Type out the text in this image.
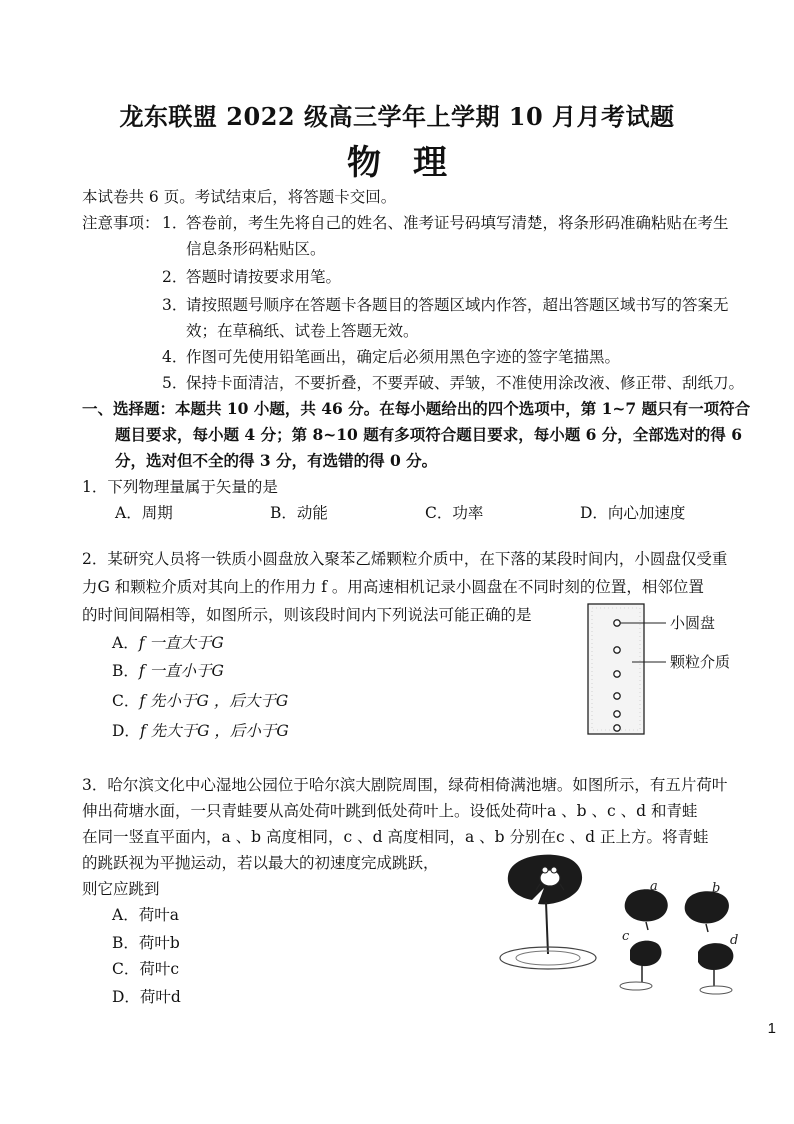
龙东联盟 2022 级高三学年上学期 10 月月考试题
物理
本试卷共 6 页。考试结束后，将答题卡交回。
注意事项： 1．
答卷前，考生先将自己的姓名、准考证号码填写清楚，将条形码准确粘贴在考生
信息条形码粘贴区。
2．
答题时请按要求用笔。
3．
请按照题号顺序在答题卡各题目的答题区域内作答，超出答题区域书写的答案无
效；在草稿纸、试卷上答题无效。
4．
作图可先使用铅笔画出，确定后必须用黑色字迹的签字笔描黑。
5．
保持卡面清洁，不要折叠，不要弄破、弄皱，不准使用涂改液、修正带、刮纸刀。
一、选择题：本题共 10 小题，共 46 分。在每小题给出的四个选项中，第 1~7 题只有一项符合
题目要求，每小题 4 分；第 8~10 题有多项符合题目要求，每小题 6 分，全部选对的得 6
分，选对但不全的得 3 分，有选错的得 0 分。
1．下列物理量属于矢量的是
A．周期	B．动能	C．功率	D．向心加速度
2．某研究人员将一铁质小圆盘放入聚苯乙烯颗粒介质中，在下落的某段时间内，小圆盘仅受重
力G 和颗粒介质对其向上的作用力 f 。用高速相机记录小圆盘在不同时刻的位置，相邻位置
的时间间隔相等，如图所示，则该段时间内下列说法可能正确的是
A．f 一直大于G
B．f 一直小于G
C．f 先小于G ，后大于G
D．f 先大于G ，后小于G
小圆盘
颗粒介质
3．哈尔滨文化中心湿地公园位于哈尔滨大剧院周围，绿荷相倚满池塘。如图所示，有五片荷叶
伸出荷塘水面，一只青蛙要从高处荷叶跳到低处荷叶上。设低处荷叶a 、b 、c 、d 和青蛙
在同一竖直平面内，a 、b 高度相同，c 、d 高度相同，a 、b 分别在c 、d 正上方。将青蛙
的跳跃视为平抛运动，若以最大的初速度完成跳跃，
则它应跳到
A．荷叶a
B．荷叶b
C．荷叶c
D．荷叶d
a	b
c	d
1
